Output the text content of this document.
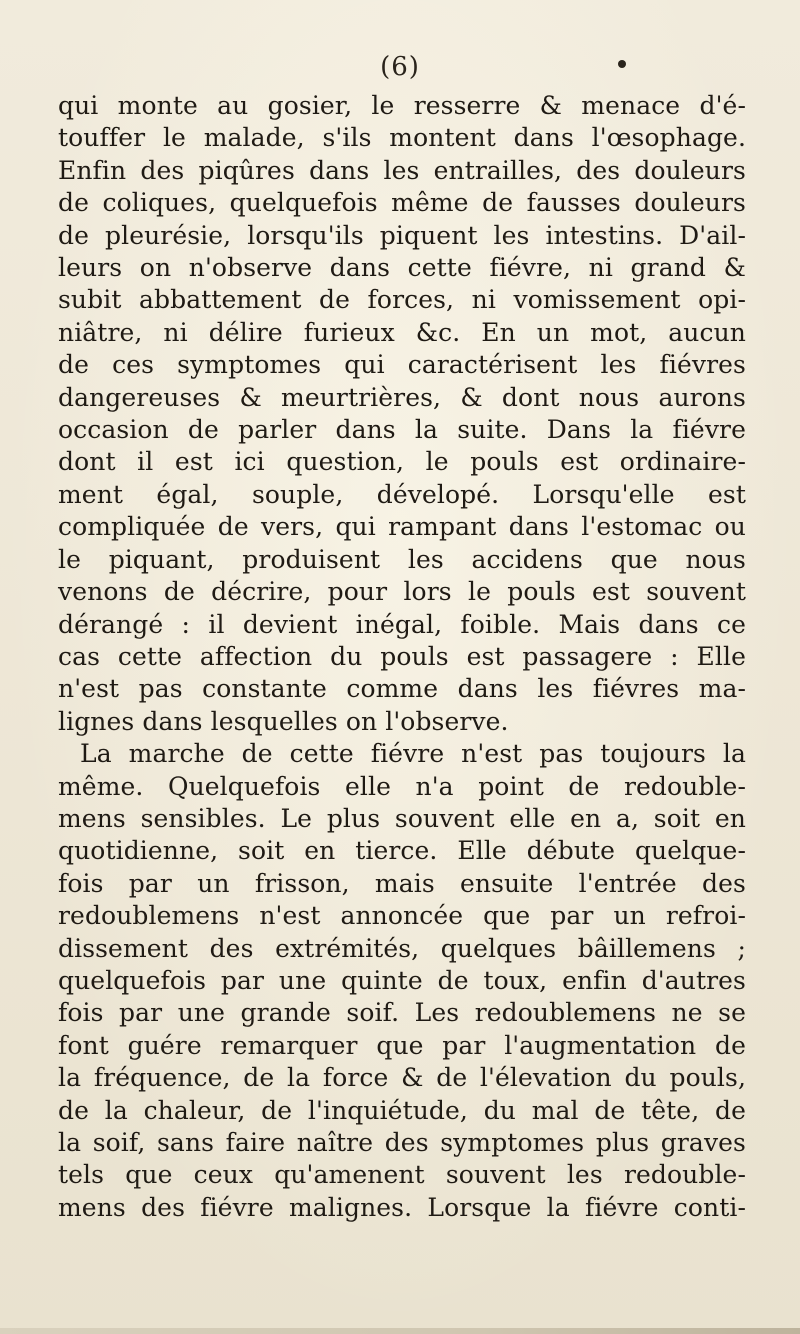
(6)
qui monte au gosier, le resserre & menace d'é-
touffer le malade, s'ils montent dans l'œsophage.
Enfin des piqûres dans les entrailles, des douleurs
de coliques, quelquefois même de fausses douleurs
de pleurésie, lorsqu'ils piquent les intestins. D'ail-
leurs on n'observe dans cette fiévre, ni grand &
subit abbattement de forces, ni vomissement opi-
niâtre, ni délire furieux &c. En un mot, aucun
de ces symptomes qui caractérisent les fiévres
dangereuses & meurtrières, & dont nous aurons
occasion de parler dans la suite. Dans la fiévre
dont il est ici question, le pouls est ordinaire-
ment égal, souple, dévelopé. Lorsqu'elle est
compliquée de vers, qui rampant dans l'estomac ou
le piquant, produisent les accidens que nous
venons de décrire, pour lors le pouls est souvent
dérangé : il devient inégal, foible. Mais dans ce
cas cette affection du pouls est passagere : Elle
n'est pas constante comme dans les fiévres ma-
lignes dans lesquelles on l'observe.
La marche de cette fiévre n'est pas toujours la
même. Quelquefois elle n'a point de redouble-
mens sensibles. Le plus souvent elle en a, soit en
quotidienne, soit en tierce. Elle débute quelque-
fois par un frisson, mais ensuite l'entrée des
redoublemens n'est annoncée que par un refroi-
dissement des extrémités, quelques bâillemens ;
quelquefois par une quinte de toux, enfin d'autres
fois par une grande soif. Les redoublemens ne se
font guére remarquer que par l'augmentation de
la fréquence, de la force & de l'élevation du pouls,
de la chaleur, de l'inquiétude, du mal de tête, de
la soif, sans faire naître des symptomes plus graves
tels que ceux qu'amenent souvent les redouble-
mens des fiévre malignes. Lorsque la fiévre conti-
